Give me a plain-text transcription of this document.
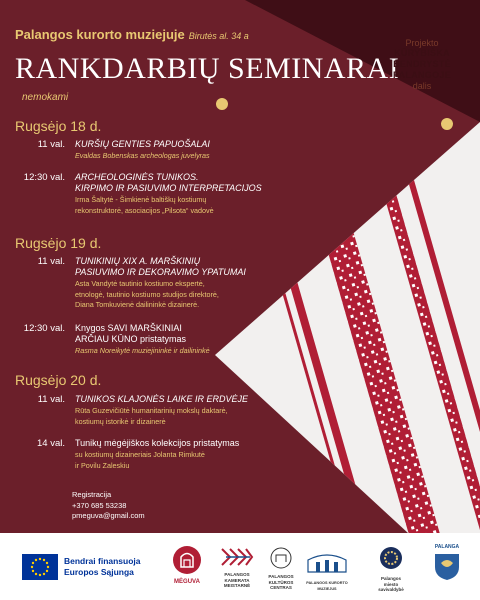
Palangos kurorto muziejuje Birutės al. 34 a
RANKDARBIŲ SEMINARAI
nemokami
Projekto
KŪRYBIŠKA
BENDRYSTĖ
PALANGOJE
dalis
Rugsėjo 18 d.
11 val. KURŠIŲ GENTIES PAPUOŠALAI
Evaldas Bobenskas archeologas juvelyras
12:30 val. ARCHEOLOGINĖS TUNIKOS.
KIRPIMO IR PASIUVIMO INTERPRETACIJOS
Irma Šaltytė - Šimkienė baltiškų kostiumų
rekonstruktorė, asociacijos „Pilsota“ vadovė
Rugsėjo 19 d.
11 val. TUNIKINIŲ XIX A. MARŠKINIŲ
PASIUVIMO IR DEKORAVIMO YPATUMAI
Asta Vandytė tautinio kostiumo ekspertė,
etnologė, tautinio kostiumo studijos direktorė,
Diana Tomkuvienė dailininkė dizainerė.
12:30 val. Knygos SAVI MARŠKINIAI
ARČIAU KŪNO pristatymas
Rasma Noreikytė muziejininkė ir dailininkė
Rugsėjo 20 d.
11 val. TUNIKOS KLAJONĖS LAIKE IR ERDVĖJE
Rūta Guzevičiūtė humanitarinių mokslų daktarė,
kostiumų istorikė ir dizainerė
14 val. Tunikų mėgėjiškos kolekcijos pristatymas
su kostiumų dizaineriais Jolanta Rimkutė
ir Povilu Zaleskiu
Registracija
+370 685 53238
pmeguva@gmail.com
Bendrai finansuoja
Europos Sąjunga
MĖGUVA
PALANGOS
KAMERATA
MEISTARNĖ
PALANGOS
KULTŪROS
CENTRAS
PALANGOS KURORTO MUZIEJUS
Palangos
miesto
savivaldybė
PALANGA
